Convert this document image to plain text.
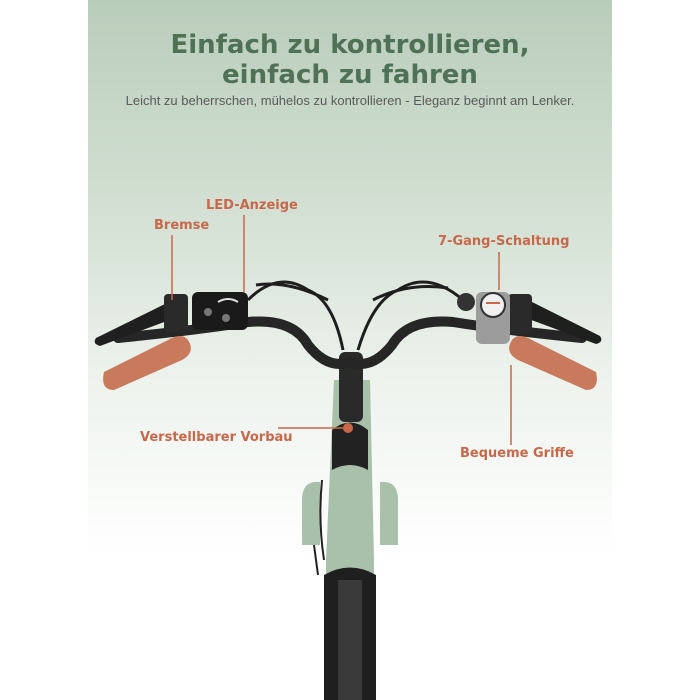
Einfach zu kontrollieren,
einfach zu fahren
Leicht zu beherrschen, mühelos zu kontrollieren - Eleganz beginnt am Lenker.
Bremse
LED-Anzeige
7-Gang-Schaltung
Verstellbarer Vorbau
Bequeme Griffe
